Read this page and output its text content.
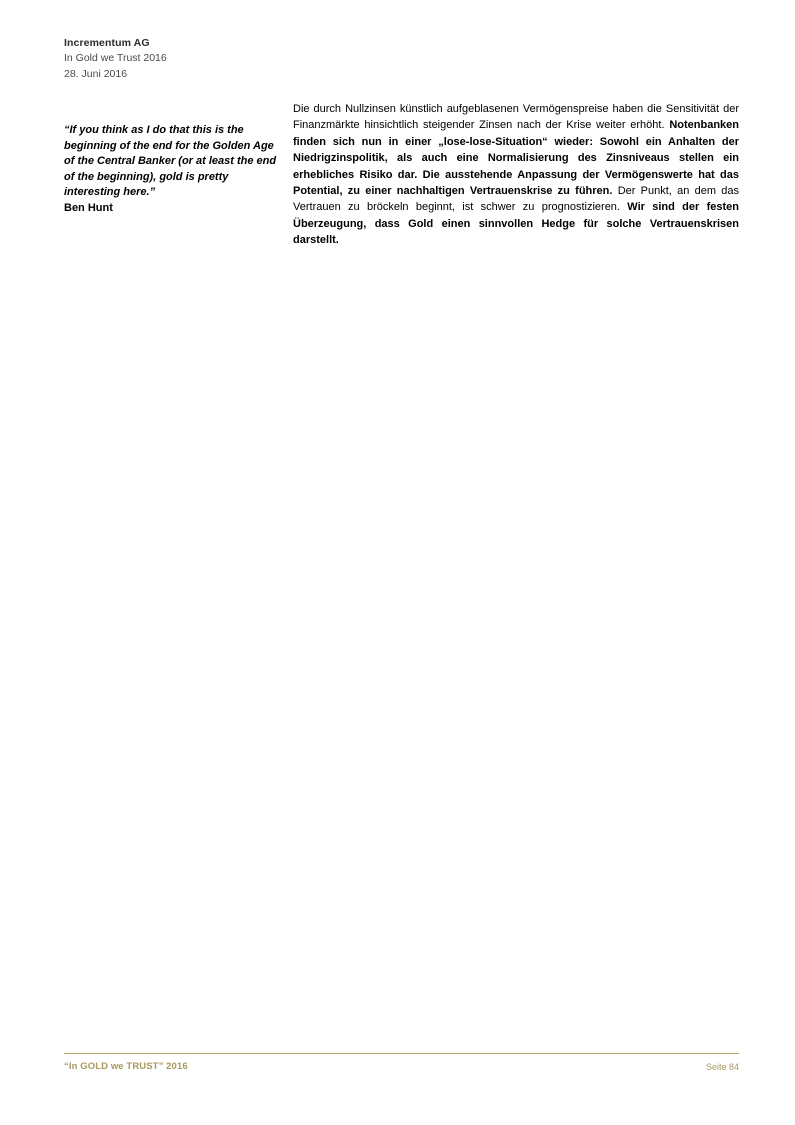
Incrementum AG
In Gold we Trust 2016
28. Juni 2016
“If you think as I do that this is the beginning of the end for the Golden Age of the Central Banker (or at least the end of the beginning), gold is pretty interesting here.”
Ben Hunt

Die durch Nullzinsen künstlich aufgeblasenen Vermögenspreise haben die Sensitivität der Finanzmärkte hinsichtlich steigender Zinsen nach der Krise weiter erhöht. Notenbanken finden sich nun in einer „lose-lose-Situation“ wieder: Sowohl ein Anhalten der Niedrigzinspolitik, als auch eine Normalisierung des Zinsniveaus stellen ein erhebliches Risiko dar. Die ausstehende Anpassung der Vermögenswerte hat das Potential, zu einer nachhaltigen Vertrauenskrise zu führen. Der Punkt, an dem das Vertrauen zu bröckeln beginnt, ist schwer zu prognostizieren. Wir sind der festen Überzeugung, dass Gold einen sinnvollen Hedge für solche Vertrauenskrisen darstellt.

“In GOLD we TRUST” 2016	Seite 84
